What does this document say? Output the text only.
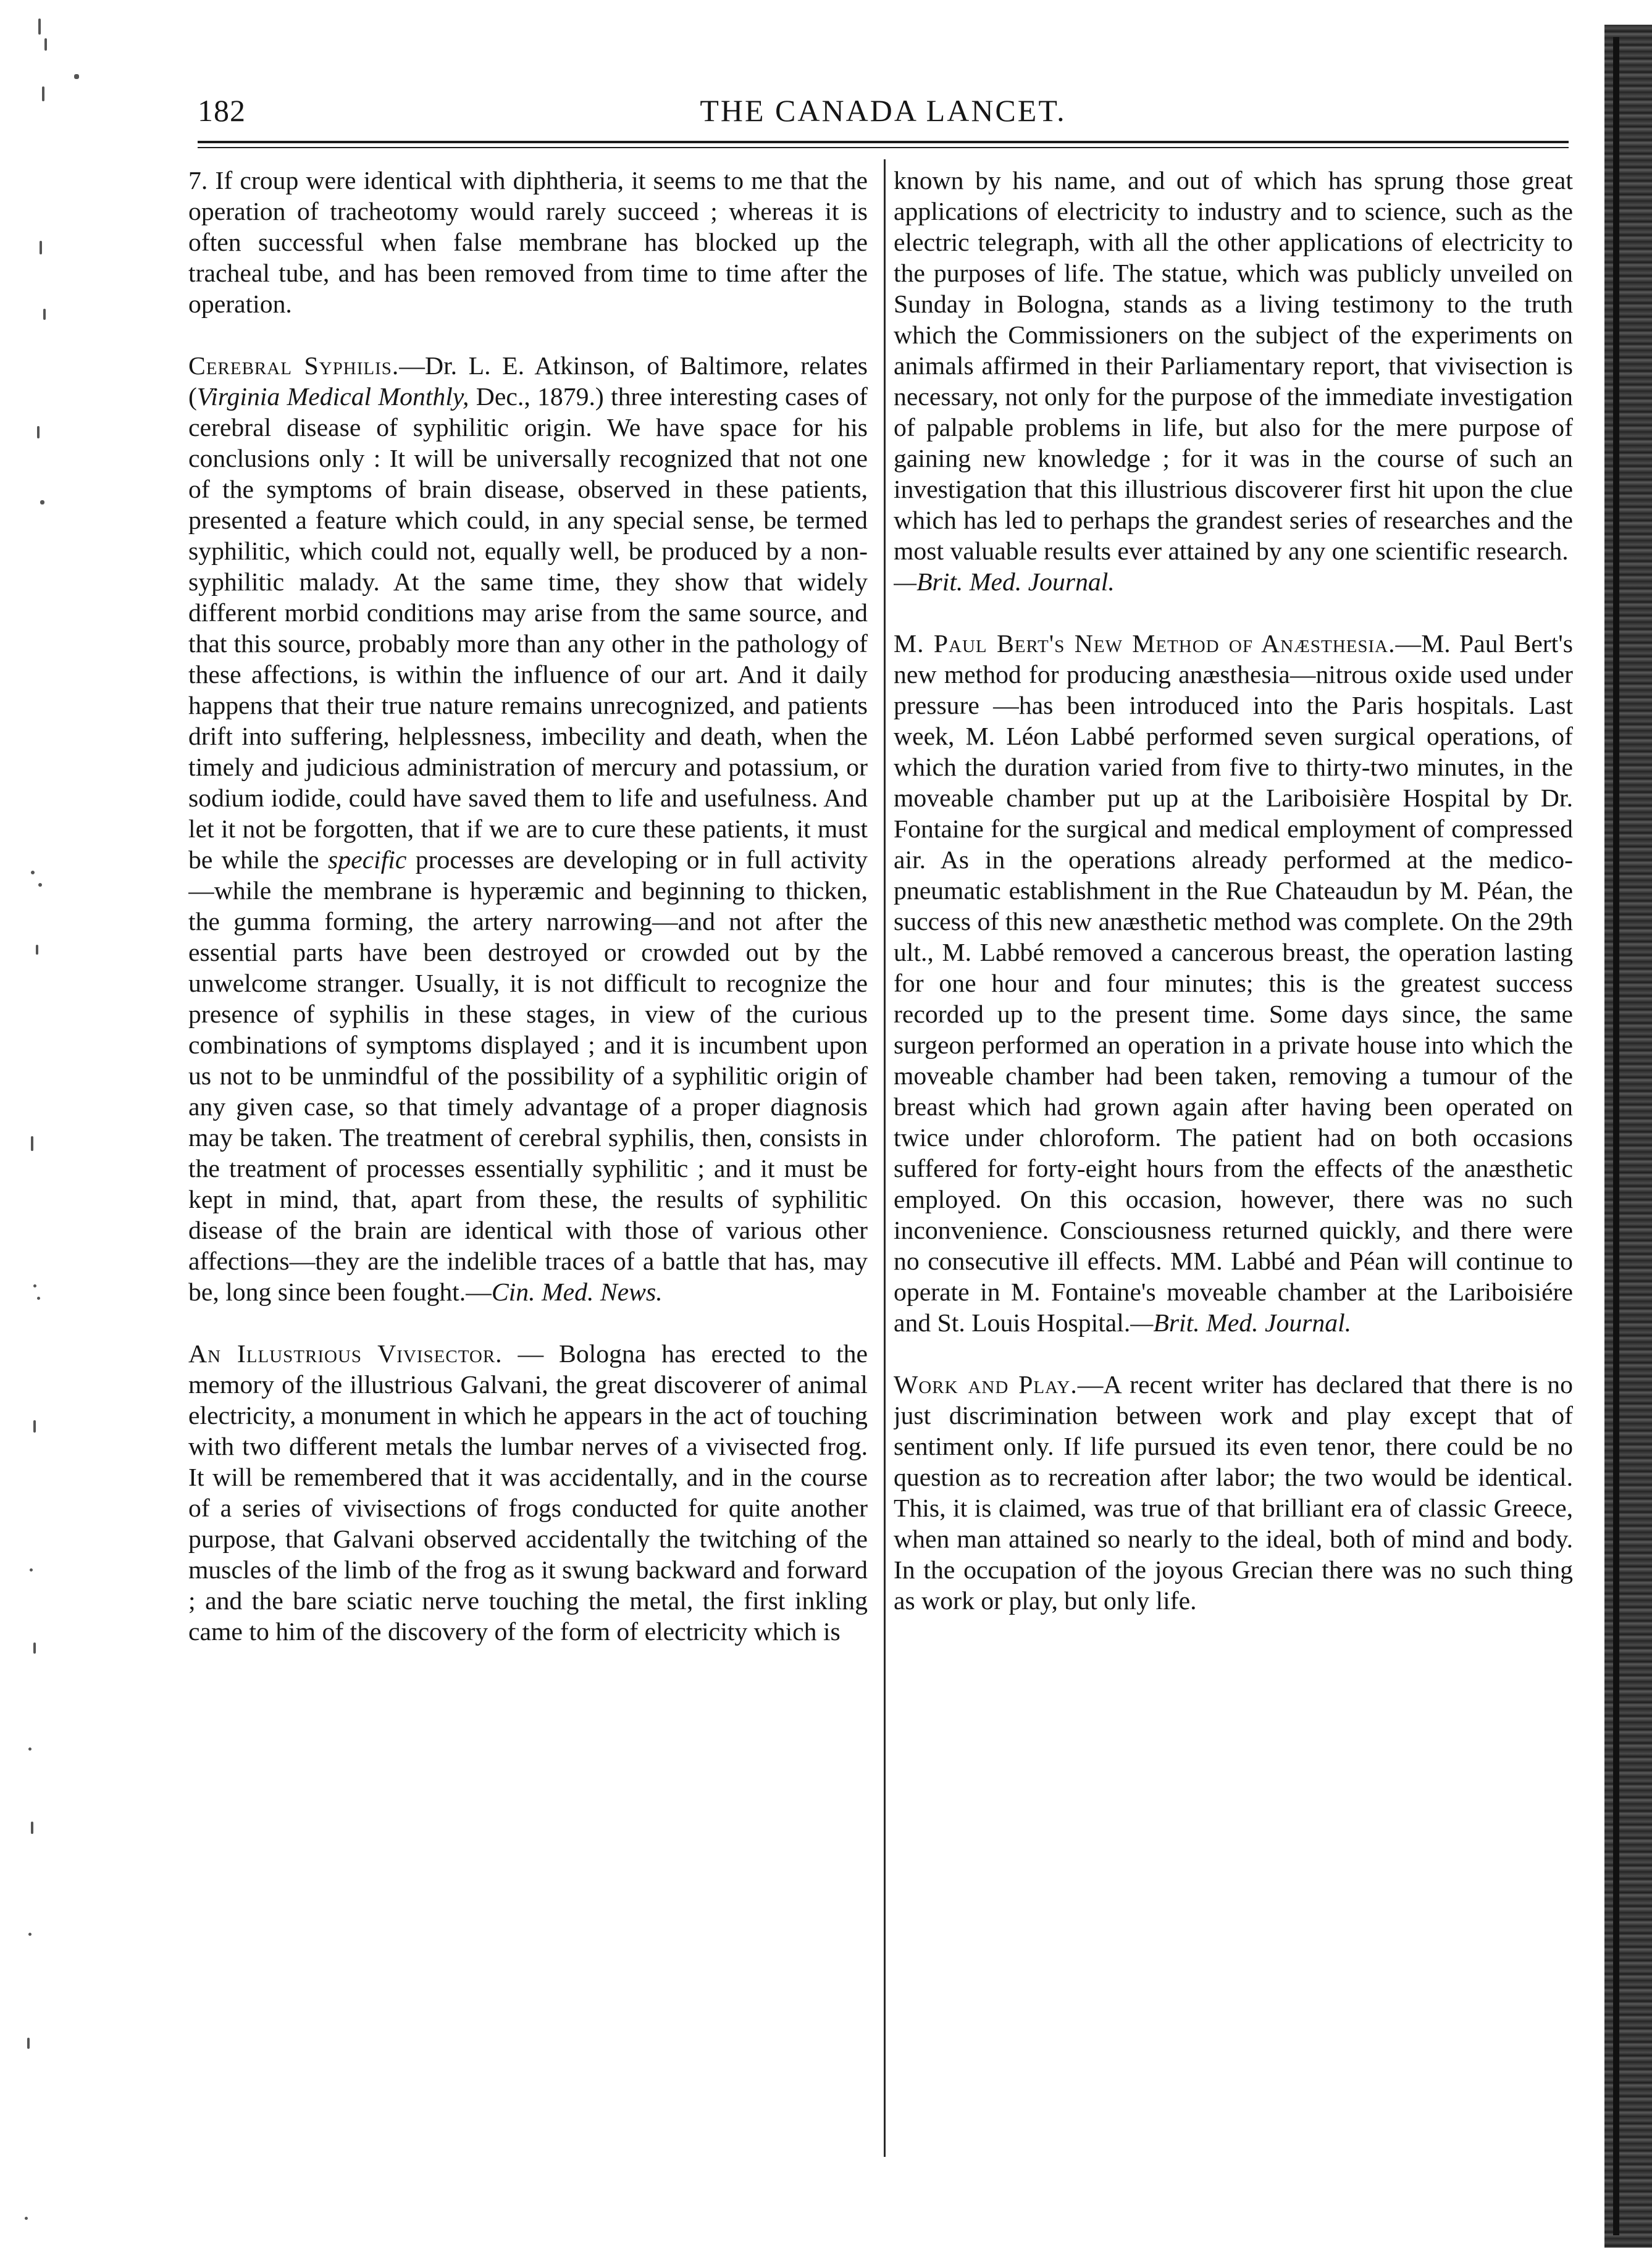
182	THE CANADA LANCET.

7. If croup were identical with diphtheria, it seems to me that the operation of tracheotomy would rarely succeed ; whereas it is often successful when false membrane has blocked up the tracheal tube, and has been removed from time to time after the operation.

Cerebral Syphilis.—Dr. L. E. Atkinson, of Baltimore, relates (Virginia Medical Monthly, Dec., 1879.) three interesting cases of cerebral disease of syphilitic origin. We have space for his conclusions only : It will be universally recognized that not one of the symptoms of brain disease, observed in these patients, presented a feature which could, in any special sense, be termed syphilitic, which could not, equally well, be produced by a non-syphilitic malady. At the same time, they show that widely different morbid conditions may arise from the same source, and that this source, probably more than any other in the pathology of these affections, is within the influence of our art. And it daily happens that their true nature remains unrecognized, and patients drift into suffering, helplessness, imbecility and death, when the timely and judicious administration of mercury and potassium, or sodium iodide, could have saved them to life and usefulness. And let it not be forgotten, that if we are to cure these patients, it must be while the specific processes are developing or in full activity—while the membrane is hyperæmic and beginning to thicken, the gumma forming, the artery narrowing—and not after the essential parts have been destroyed or crowded out by the unwelcome stranger. Usually, it is not difficult to recognize the presence of syphilis in these stages, in view of the curious combinations of symptoms displayed ; and it is incumbent upon us not to be unmindful of the possibility of a syphilitic origin of any given case, so that timely advantage of a proper diagnosis may be taken. The treatment of cerebral syphilis, then, consists in the treatment of processes essentially syphilitic ; and it must be kept in mind, that, apart from these, the results of syphilitic disease of the brain are identical with those of various other affections—they are the indelible traces of a battle that has, may be, long since been fought.—Cin. Med. News.

An Illustrious Vivisector. — Bologna has erected to the memory of the illustrious Galvani, the great discoverer of animal electricity, a monument in which he appears in the act of touching with two different metals the lumbar nerves of a vivisected frog. It will be remembered that it was accidentally, and in the course of a series of vivisections of frogs conducted for quite another purpose, that Galvani observed accidentally the twitching of the muscles of the limb of the frog as it swung backward and forward ; and the bare sciatic nerve touching the metal, the first inkling came to him of the discovery of the form of electricity which is

known by his name, and out of which has sprung those great applications of electricity to industry and to science, such as the electric telegraph, with all the other applications of electricity to the purposes of life. The statue, which was publicly unveiled on Sunday in Bologna, stands as a living testimony to the truth which the Commissioners on the subject of the experiments on animals affirmed in their Parliamentary report, that vivisection is necessary, not only for the purpose of the immediate investigation of palpable problems in life, but also for the mere purpose of gaining new knowledge ; for it was in the course of such an investigation that this illustrious discoverer first hit upon the clue which has led to perhaps the grandest series of researches and the most valuable results ever attained by any one scientific research.
—Brit. Med. Journal.

M. Paul Bert's New Method of Anæsthesia.—M. Paul Bert's new method for producing anæsthesia—nitrous oxide used under pressure —has been introduced into the Paris hospitals. Last week, M. Léon Labbé performed seven surgical operations, of which the duration varied from five to thirty-two minutes, in the moveable chamber put up at the Lariboisière Hospital by Dr. Fontaine for the surgical and medical employment of compressed air. As in the operations already performed at the medico-pneumatic establishment in the Rue Chateaudun by M. Péan, the success of this new anæsthetic method was complete. On the 29th ult., M. Labbé removed a cancerous breast, the operation lasting for one hour and four minutes; this is the greatest success recorded up to the present time. Some days since, the same surgeon performed an operation in a private house into which the moveable chamber had been taken, removing a tumour of the breast which had grown again after having been operated on twice under chloroform. The patient had on both occasions suffered for forty-eight hours from the effects of the anæsthetic employed. On this occasion, however, there was no such inconvenience. Consciousness returned quickly, and there were no consecutive ill effects. MM. Labbé and Péan will continue to operate in M. Fontaine's moveable chamber at the Lariboisiére and St. Louis Hospital.—Brit. Med. Journal.

Work and Play.—A recent writer has declared that there is no just discrimination between work and play except that of sentiment only. If life pursued its even tenor, there could be no question as to recreation after labor; the two would be identical. This, it is claimed, was true of that brilliant era of classic Greece, when man attained so nearly to the ideal, both of mind and body. In the occupation of the joyous Grecian there was no such thing as work or play, but only life.
